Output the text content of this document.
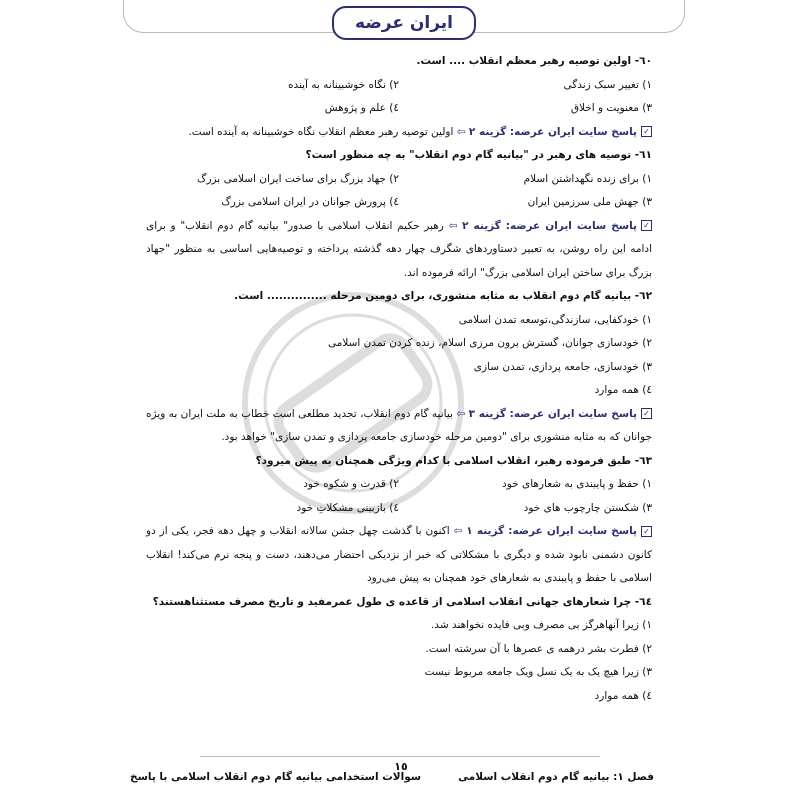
ایران عرضه
٦٠- اولین توصیه رهبر معظم انقلاب .... است.
١) تغییر سبک زندگی
٢) نگاه خوشبینانه به آینده
٣) معنویت و اخلاق
٤) علم و پژوهش
✓پاسخ سایت ایران عرضه: گزینه ٢ ⇦ اولین توصیه رهبر معظم انقلاب نگاه خوشبینانه به آینده است.
٦١- توصیه های رهبر در "بیانیه گام دوم انقلاب" به چه منظور است؟
١) برای زنده نگهداشتن اسلام
٢) جهاد بزرگ برای ساخت ایران اسلامی بزرگ
٣) جهش ملی سرزمین ایران
٤) پرورش جوانان در ایران اسلامی بزرگ
✓پاسخ سایت ایران عرضه: گزینه ٢ ⇦ رهبر حکیم انقلاب اسلامی با صدور" بیانیه گام دوم انقلاب" و برای ادامه این راه روشن، به تعبیر دستاوردهای شگرف چهار دهه گذشته پرداخته و توصیه‌هایی اساسی به منظور "جهاد بزرگ برای ساختن ایران اسلامی بزرگ" ارائه فرموده اند.
٦٢- بیانیه گام دوم انقلاب به مثابه منشوری، برای دومین مرحله ............... است.
١) خودکفایی، سازندگی،توسعه تمدن اسلامی
٢) خودسازی جوانان، گسترش برون مرزی اسلام، زنده کردن تمدن اسلامی
٣) خودسازی، جامعه پردازی، تمدن سازی
٤) همه موارد
✓پاسخ سایت ایران عرضه: گزینه ٣ ⇦ بیانیه گام دوم انقلاب، تجدید مطلعی است خطاب به ملت ایران به ویژه جوانان که به مثابه منشوری برای "دومین مرحله خودسازی جامعه پردازی و تمدن سازی" خواهد بود.
٦٣- طبق فرموده رهبر، انقلاب اسلامی با کدام ویژگی همچنان به پیش میرود؟
١) حفظ و پایبندی به شعارهای خود
٢) قدرت و شکوه خود
٣) شکستن چارچوب های خود
٤) بازبینی مشکلاتِ خود
✓پاسخ سایت ایران عرضه: گزینه ١ ⇦ اکنون با گذشت چهل جشن سالانه انقلاب و چهل دهه فجر، یکی از دو کانون دشمنی نابود شده و دیگری با مشکلاتی که خبر از نزدیکی احتضار می‌دهند، دست و پنجه نرم می‌کند! انقلاب اسلامی با حفظ و پایبندی به شعارهای خود همچنان به پیش می‌رود
٦٤- چرا شعارهای جهانی انقلاب اسلامی از قاعده ی طول عمرمفید و تاریخ مصرف مستثناهستند؟
١) زیرا آنهاهرگز بی مصرف وبی فایده نخواهند شد.
٢) فطرت بشر درهمه ی عصرها با آن سرشته است.
٣) زیرا هیچ یک به یک نسل ویک جامعه مربوط نیست
٤) همه موارد
١٥
فصل ١: بیانیه گام دوم انقلاب اسلامی
سوالات استخدامی بیانیه گام دوم انقلاب اسلامی با پاسخ
